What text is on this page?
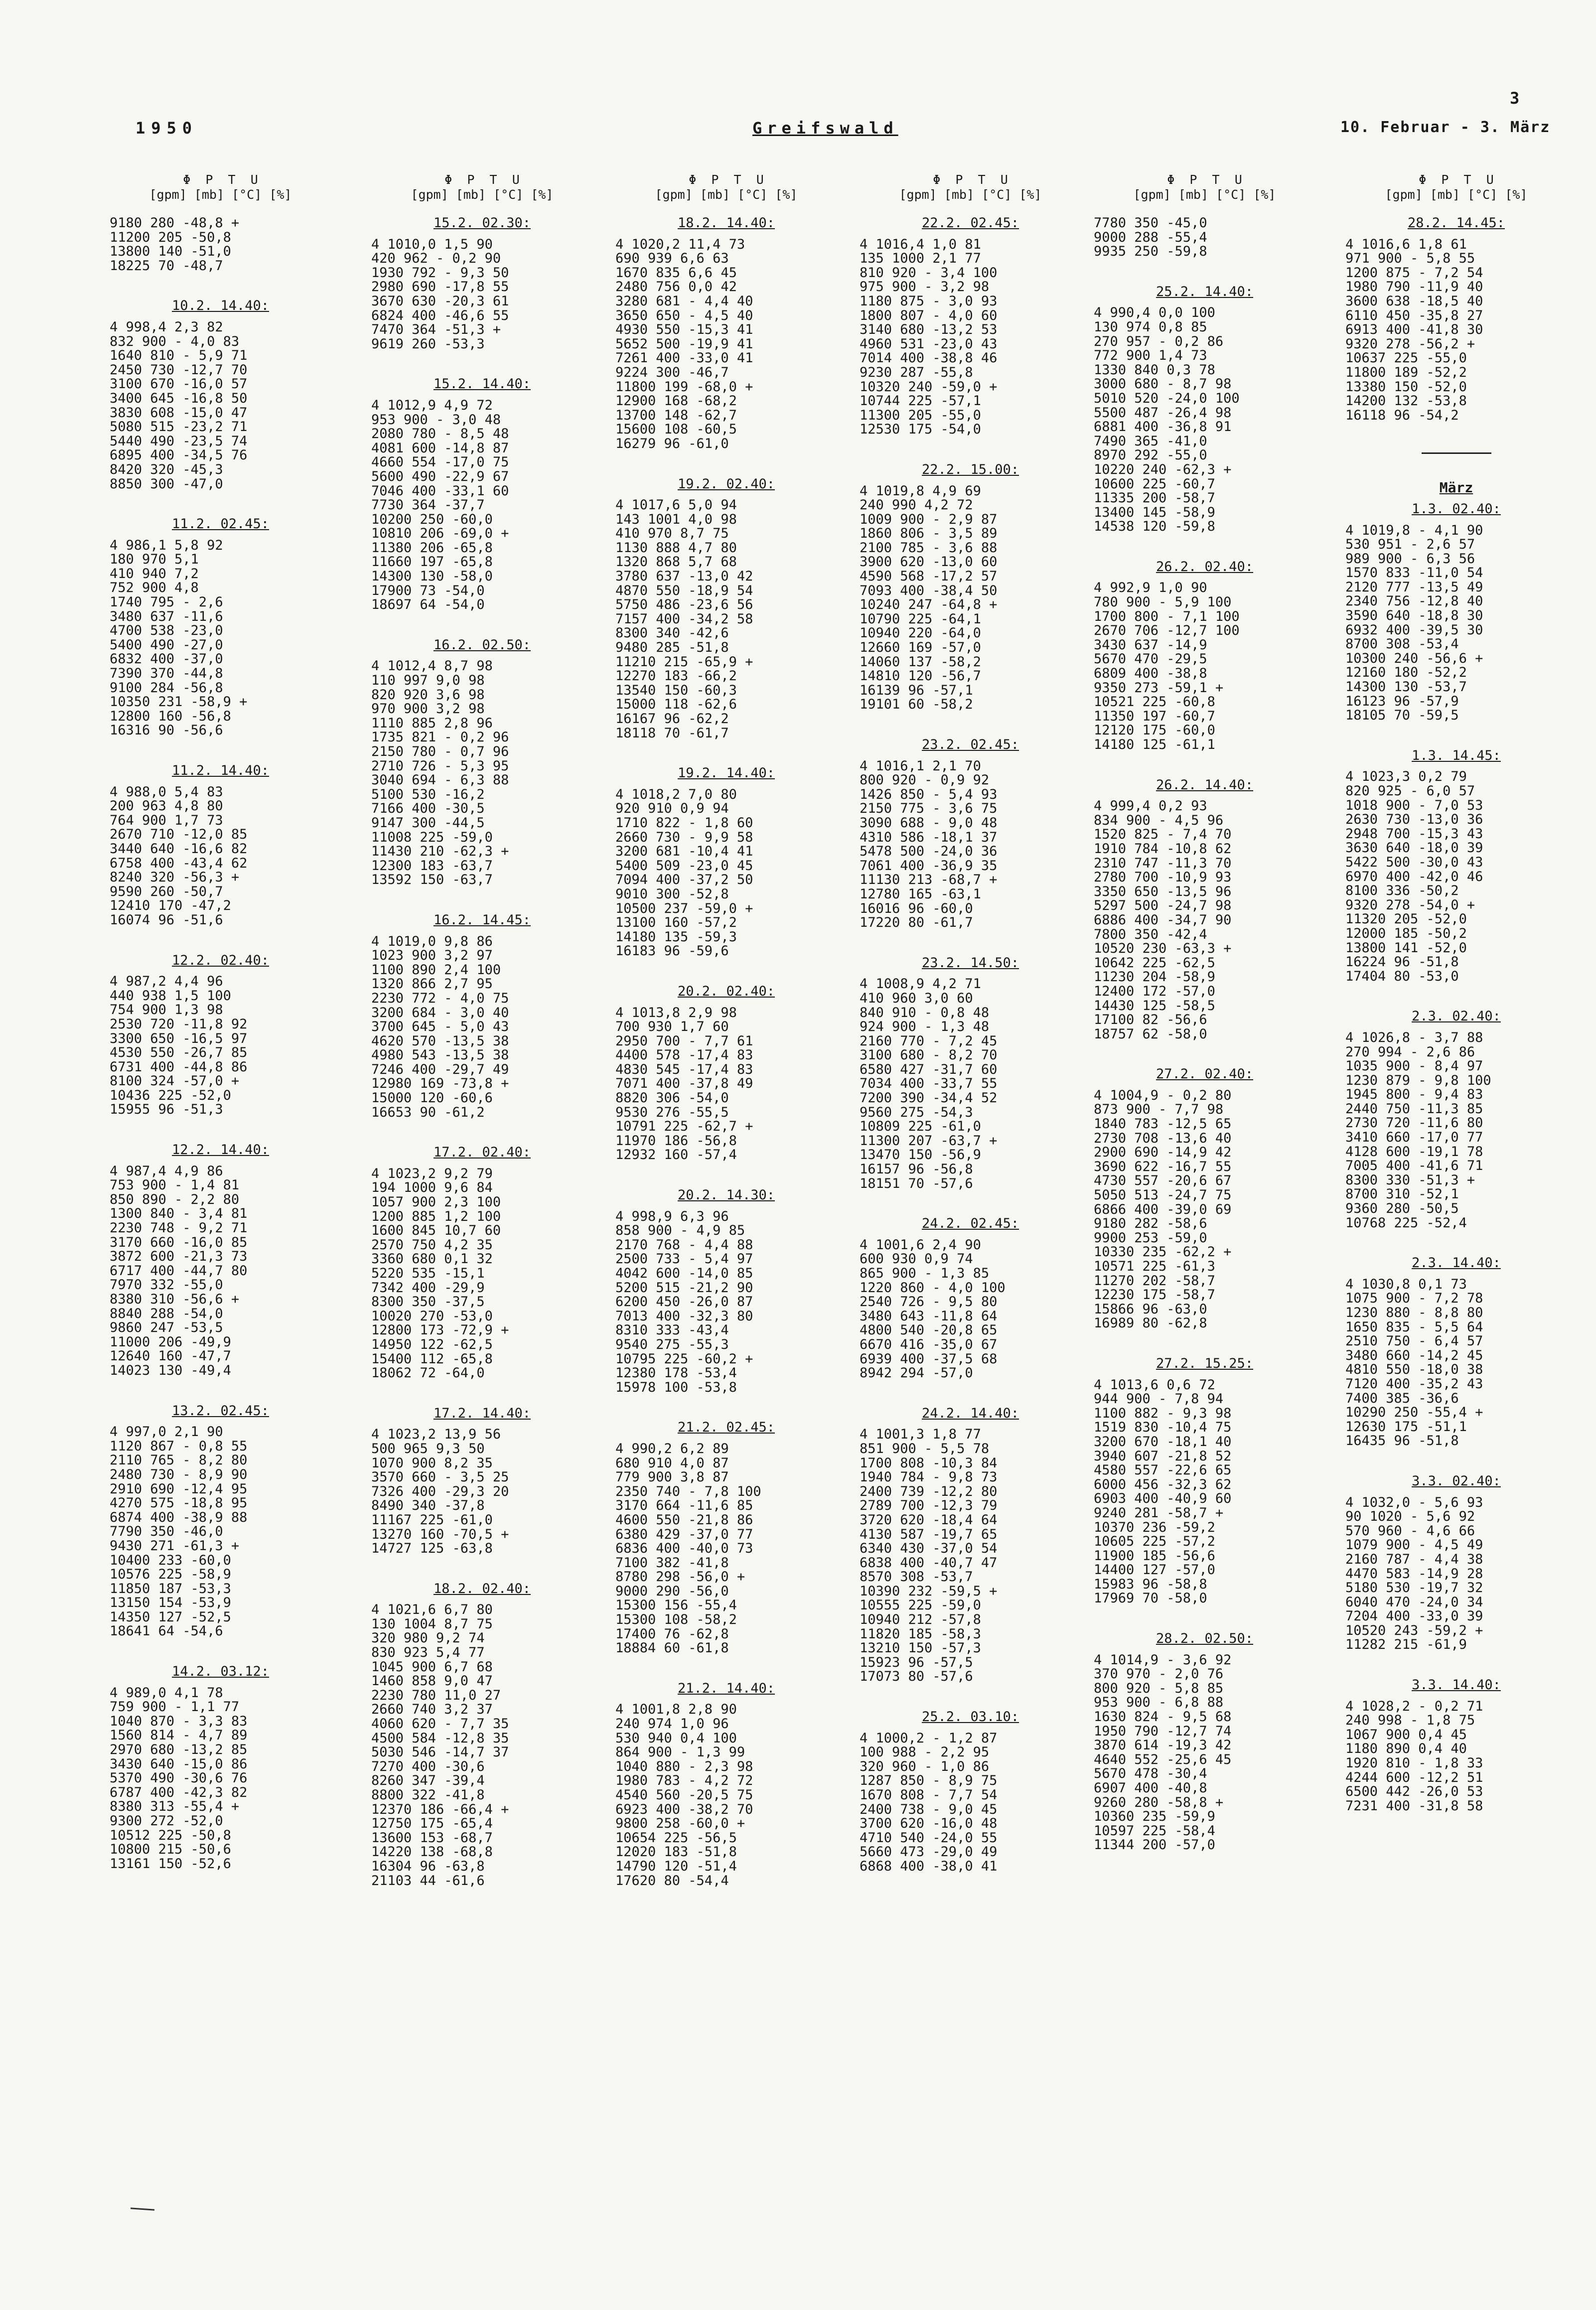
3
1950	Greifswald	10. Februar - 3. März
Φ  P  T  U
[gpm] [mb] [°C] [%]
9180 280 -48,8 +
11200 205 -50,8
13800 140 -51,0
18225 70 -48,7
10.2. 14.40:
4 998,4 2,3 82
832 900 - 4,0 83
1640 810 - 5,9 71
2450 730 -12,7 70
3100 670 -16,0 57
3400 645 -16,8 50
3830 608 -15,0 47
5080 515 -23,2 71
5440 490 -23,5 74
6895 400 -34,5 76
8420 320 -45,3
8850 300 -47,0
11.2. 02.45:
4 986,1 5,8 92
180 970 5,1
410 940 7,2
752 900 4,8
1740 795 - 2,6
3480 637 -11,6
4700 538 -23,0
5400 490 -27,0
6832 400 -37,0
7390 370 -44,8
9100 284 -56,8
10350 231 -58,9 +
12800 160 -56,8
16316 90 -56,6
11.2. 14.40:
4 988,0 5,4 83
200 963 4,8 80
764 900 1,7 73
2670 710 -12,0 85
3440 640 -16,6 82
6758 400 -43,4 62
8240 320 -56,3 +
9590 260 -50,7
12410 170 -47,2
16074 96 -51,6
12.2. 02.40:
4 987,2 4,4 96
440 938 1,5 100
754 900 1,3 98
2530 720 -11,8 92
3300 650 -16,5 97
4530 550 -26,7 85
6731 400 -44,8 86
8100 324 -57,0 +
10436 225 -52,0
15955 96 -51,3
12.2. 14.40:
4 987,4 4,9 86
753 900 - 1,4 81
850 890 - 2,2 80
1300 840 - 3,4 81
2230 748 - 9,2 71
3170 660 -16,0 85
3872 600 -21,3 73
6717 400 -44,7 80
7970 332 -55,0
8380 310 -56,6 +
8840 288 -54,0
9860 247 -53,5
11000 206 -49,9
12640 160 -47,7
14023 130 -49,4
13.2. 02.45:
4 997,0 2,1 90
1120 867 - 0,8 55
2110 765 - 8,2 80
2480 730 - 8,9 90
2910 690 -12,4 95
4270 575 -18,8 95
6874 400 -38,9 88
7790 350 -46,0
9430 271 -61,3 +
10400 233 -60,0
10576 225 -58,9
11850 187 -53,3
13150 154 -53,9
14350 127 -52,5
18641 64 -54,6
14.2. 03.12:
4 989,0 4,1 78
759 900 - 1,1 77
1040 870 - 3,3 83
1560 814 - 4,7 89
2970 680 -13,2 85
3430 640 -15,0 86
5370 490 -30,6 76
6787 400 -42,3 82
8380 313 -55,4 +
9300 272 -52,0
10512 225 -50,8
10800 215 -50,6
13161 150 -52,6
Φ  P  T  U
[gpm] [mb] [°C] [%]
15.2. 02.30:
4 1010,0 1,5 90
420 962 - 0,2 90
1930 792 - 9,3 50
2980 690 -17,8 55
3670 630 -20,3 61
6824 400 -46,6 55
7470 364 -51,3 +
9619 260 -53,3
15.2. 14.40:
4 1012,9 4,9 72
953 900 - 3,0 48
2080 780 - 8,5 48
4081 600 -14,8 87
4660 554 -17,0 75
5600 490 -22,9 67
7046 400 -33,1 60
7730 364 -37,7
10200 250 -60,0
10810 206 -69,0 +
11380 206 -65,8
11660 197 -65,8
14300 130 -58,0
17900 73 -54,0
18697 64 -54,0
16.2. 02.50:
4 1012,4 8,7 98
110 997 9,0 98
820 920 3,6 98
970 900 3,2 98
1110 885 2,8 96
1735 821 - 0,2 96
2150 780 - 0,7 96
2710 726 - 5,3 95
3040 694 - 6,3 88
5100 530 -16,2
7166 400 -30,5
9147 300 -44,5
11008 225 -59,0
11430 210 -62,3 +
12300 183 -63,7
13592 150 -63,7
16.2. 14.45:
4 1019,0 9,8 86
1023 900 3,2 97
1100 890 2,4 100
1320 866 2,7 95
2230 772 - 4,0 75
3200 684 - 3,0 40
3700 645 - 5,0 43
4620 570 -13,5 38
4980 543 -13,5 38
7246 400 -29,7 49
12980 169 -73,8 +
15000 120 -60,6
16653 90 -61,2
17.2. 02.40:
4 1023,2 9,2 79
194 1000 9,6 84
1057 900 2,3 100
1200 885 1,2 100
1600 845 10,7 60
2570 750 4,2 35
3360 680 0,1 32
5220 535 -15,1
7342 400 -29,9
8300 350 -37,5
10020 270 -53,0
12800 173 -72,9 +
14950 122 -62,5
15400 112 -65,8
18062 72 -64,0
17.2. 14.40:
4 1023,2 13,9 56
500 965 9,3 50
1070 900 8,2 35
3570 660 - 3,5 25
7326 400 -29,3 20
8490 340 -37,8
11167 225 -61,0
13270 160 -70,5 +
14727 125 -63,8
18.2. 02.40:
4 1021,6 6,7 80
130 1004 8,7 75
320 980 9,2 74
830 923 5,4 77
1045 900 6,7 68
1460 858 9,0 47
2230 780 11,0 27
2660 740 3,2 37
4060 620 - 7,7 35
4500 584 -12,8 35
5030 546 -14,7 37
7270 400 -30,6
8260 347 -39,4
8800 322 -41,8
12370 186 -66,4 +
12750 175 -65,4
13600 153 -68,7
14220 138 -68,8
16304 96 -63,8
21103 44 -61,6
Φ  P  T  U
[gpm] [mb] [°C] [%]
18.2. 14.40:
4 1020,2 11,4 73
690 939 6,6 63
1670 835 6,6 45
2480 756 0,0 42
3280 681 - 4,4 40
3650 650 - 4,5 40
4930 550 -15,3 41
5652 500 -19,9 41
7261 400 -33,0 41
9224 300 -46,7
11800 199 -68,0 +
12900 168 -68,2
13700 148 -62,7
15600 108 -60,5
16279 96 -61,0
19.2. 02.40:
4 1017,6 5,0 94
143 1001 4,0 98
410 970 8,7 75
1130 888 4,7 80
1320 868 5,7 68
3780 637 -13,0 42
4870 550 -18,9 54
5750 486 -23,6 56
7157 400 -34,2 58
8300 340 -42,6
9480 285 -51,8
11210 215 -65,9 +
12270 183 -66,2
13540 150 -60,3
15000 118 -62,6
16167 96 -62,2
18118 70 -61,7
19.2. 14.40:
4 1018,2 7,0 80
920 910 0,9 94
1710 822 - 1,8 60
2660 730 - 9,9 58
3200 681 -10,4 41
5400 509 -23,0 45
7094 400 -37,2 50
9010 300 -52,8
10500 237 -59,0 +
13100 160 -57,2
14180 135 -59,3
16183 96 -59,6
20.2. 02.40:
4 1013,8 2,9 98
700 930 1,7 60
2950 700 - 7,7 61
4400 578 -17,4 83
4830 545 -17,4 83
7071 400 -37,8 49
8820 306 -54,0
9530 276 -55,5
10791 225 -62,7 +
11970 186 -56,8
12932 160 -57,4
20.2. 14.30:
4 998,9 6,3 96
858 900 - 4,9 85
2170 768 - 4,4 88
2500 733 - 5,4 97
4042 600 -14,0 85
5200 515 -21,2 90
6200 450 -26,0 87
7013 400 -32,3 80
8310 333 -43,4
9540 275 -55,3
10795 225 -60,2 +
12380 178 -53,4
15978 100 -53,8
21.2. 02.45:
4 990,2 6,2 89
680 910 4,0 87
779 900 3,8 87
2350 740 - 7,8 100
3170 664 -11,6 85
4600 550 -21,8 86
6380 429 -37,0 77
6836 400 -40,0 73
7100 382 -41,8
8780 298 -56,0 +
9000 290 -56,0
15300 156 -55,4
15300 108 -58,2
17400 76 -62,8
18884 60 -61,8
21.2. 14.40:
4 1001,8 2,8 90
240 974 1,0 96
530 940 0,4 100
864 900 - 1,3 99
1040 880 - 2,3 98
1980 783 - 4,2 72
4540 560 -20,5 75
6923 400 -38,2 70
9800 258 -60,0 +
10654 225 -56,5
12020 183 -51,8
14790 120 -51,4
17620 80 -54,4
Φ  P  T  U
[gpm] [mb] [°C] [%]
22.2. 02.45:
4 1016,4 1,0 81
135 1000 2,1 77
810 920 - 3,4 100
975 900 - 3,2 98
1180 875 - 3,0 93
1800 807 - 4,0 60
3140 680 -13,2 53
4960 531 -23,0 43
7014 400 -38,8 46
9230 287 -55,8
10320 240 -59,0 +
10744 225 -57,1
11300 205 -55,0
12530 175 -54,0
22.2. 15.00:
4 1019,8 4,9 69
240 990 4,2 72
1009 900 - 2,9 87
1860 806 - 3,5 89
2100 785 - 3,6 88
3900 620 -13,0 60
4590 568 -17,2 57
7093 400 -38,4 50
10240 247 -64,8 +
10790 225 -64,1
10940 220 -64,0
12660 169 -57,0
14060 137 -58,2
14810 120 -56,7
16139 96 -57,1
19101 60 -58,2
23.2. 02.45:
4 1016,1 2,1 70
800 920 - 0,9 92
1426 850 - 5,4 93
2150 775 - 3,6 75
3090 688 - 9,0 48
4310 586 -18,1 37
5478 500 -24,0 36
7061 400 -36,9 35
11130 213 -68,7 +
12780 165 -63,1
16016 96 -60,0
17220 80 -61,7
23.2. 14.50:
4 1008,9 4,2 71
410 960 3,0 60
840 910 - 0,8 48
924 900 - 1,3 48
2160 770 - 7,2 45
3100 680 - 8,2 70
6580 427 -31,7 60
7034 400 -33,7 55
7200 390 -34,4 52
9560 275 -54,3
10809 225 -61,0
11300 207 -63,7 +
13470 150 -56,9
16157 96 -56,8
18151 70 -57,6
24.2. 02.45:
4 1001,6 2,4 90
600 930 0,9 74
865 900 - 1,3 85
1220 860 - 4,0 100
2540 726 - 9,5 80
3480 643 -11,8 64
4800 540 -20,8 65
6670 416 -35,0 67
6939 400 -37,5 68
8942 294 -57,0
24.2. 14.40:
4 1001,3 1,8 77
851 900 - 5,5 78
1700 808 -10,3 84
1940 784 - 9,8 73
2400 739 -12,2 80
2789 700 -12,3 79
3720 620 -18,4 64
4130 587 -19,7 65
6340 430 -37,0 54
6838 400 -40,7 47
8570 308 -53,7
10390 232 -59,5 +
10555 225 -59,0
10940 212 -57,8
11820 185 -58,3
13210 150 -57,3
15923 96 -57,5
17073 80 -57,6
25.2. 03.10:
4 1000,2 - 1,2 87
100 988 - 2,2 95
320 960 - 1,0 86
1287 850 - 8,9 75
1670 808 - 7,7 54
2400 738 - 9,0 45
3700 620 -16,0 48
4710 540 -24,0 55
5660 473 -29,0 49
6868 400 -38,0 41
Φ  P  T  U
[gpm] [mb] [°C] [%]
7780 350 -45,0
9000 288 -55,4
9935 250 -59,8
25.2. 14.40:
4 990,4 0,0 100
130 974 0,8 85
270 957 - 0,2 86
772 900 1,4 73
1330 840 0,3 78
3000 680 - 8,7 98
5010 520 -24,0 100
5500 487 -26,4 98
6881 400 -36,8 91
7490 365 -41,0
8970 292 -55,0
10220 240 -62,3 +
10600 225 -60,7
11335 200 -58,7
13400 145 -58,9
14538 120 -59,8
26.2. 02.40:
4 992,9 1,0 90
780 900 - 5,9 100
1700 800 - 7,1 100
2670 706 -12,7 100
3430 637 -14,9
5670 470 -29,5
6809 400 -38,8
9350 273 -59,1 +
10521 225 -60,8
11350 197 -60,7
12120 175 -60,0
14180 125 -61,1
26.2. 14.40:
4 999,4 0,2 93
834 900 - 4,5 96
1520 825 - 7,4 70
1910 784 -10,8 62
2310 747 -11,3 70
2780 700 -10,9 93
3350 650 -13,5 96
5297 500 -24,7 98
6886 400 -34,7 90
7800 350 -42,4
10520 230 -63,3 +
10642 225 -62,5
11230 204 -58,9
12400 172 -57,0
14430 125 -58,5
17100 82 -56,6
18757 62 -58,0
27.2. 02.40:
4 1004,9 - 0,2 80
873 900 - 7,7 98
1840 783 -12,5 65
2730 708 -13,6 40
2900 690 -14,9 42
3690 622 -16,7 55
4730 557 -20,6 67
5050 513 -24,7 75
6866 400 -39,0 69
9180 282 -58,6
9900 253 -59,0
10330 235 -62,2 +
10571 225 -61,3
11270 202 -58,7
12230 175 -58,7
15866 96 -63,0
16989 80 -62,8
27.2. 15.25:
4 1013,6 0,6 72
944 900 - 7,8 94
1100 882 - 9,3 98
1519 830 -10,4 75
3200 670 -18,1 40
3940 607 -21,8 52
4580 557 -22,6 65
6000 456 -32,3 62
6903 400 -40,9 60
9240 281 -58,7 +
10370 236 -59,2
10605 225 -57,2
11900 185 -56,6
14400 127 -57,0
15983 96 -58,8
17969 70 -58,0
28.2. 02.50:
4 1014,9 - 3,6 92
370 970 - 2,0 76
800 920 - 5,8 85
953 900 - 6,8 88
1630 824 - 9,5 68
1950 790 -12,7 74
3870 614 -19,3 42
4640 552 -25,6 45
5670 478 -30,4
6907 400 -40,8
9260 280 -58,8 +
10360 235 -59,9
10597 225 -58,4
11344 200 -57,0
Φ  P  T  U
[gpm] [mb] [°C] [%]
28.2. 14.45:
4 1016,6 1,8 61
971 900 - 5,8 55
1200 875 - 7,2 54
1980 790 -11,9 40
3600 638 -18,5 40
6110 450 -35,8 27
6913 400 -41,8 30
9320 278 -56,2 +
10637 225 -55,0
11800 189 -52,2
13380 150 -52,0
14200 132 -53,8
16118 96 -54,2
März
1.3. 02.40:
4 1019,8 - 4,1 90
530 951 - 2,6 57
989 900 - 6,3 56
1570 833 -11,0 54
2120 777 -13,5 49
2340 756 -12,8 40
3590 640 -18,8 30
6932 400 -39,5 30
8700 308 -53,4
10300 240 -56,6 +
12160 180 -52,2
14300 130 -53,7
16123 96 -57,9
18105 70 -59,5
1.3. 14.45:
4 1023,3 0,2 79
820 925 - 6,0 57
1018 900 - 7,0 53
2630 730 -13,0 36
2948 700 -15,3 43
3630 640 -18,0 39
5422 500 -30,0 43
6970 400 -42,0 46
8100 336 -50,2
9320 278 -54,0 +
11320 205 -52,0
12000 185 -50,2
13800 141 -52,0
16224 96 -51,8
17404 80 -53,0
2.3. 02.40:
4 1026,8 - 3,7 88
270 994 - 2,6 86
1035 900 - 8,4 97
1230 879 - 9,8 100
1945 800 - 9,4 83
2440 750 -11,3 85
2730 720 -11,6 80
3410 660 -17,0 77
4128 600 -19,1 78
7005 400 -41,6 71
8300 330 -51,3 +
8700 310 -52,1
9360 280 -50,5
10768 225 -52,4
2.3. 14.40:
4 1030,8 0,1 73
1075 900 - 7,2 78
1230 880 - 8,8 80
1650 835 - 5,5 64
2510 750 - 6,4 57
3480 660 -14,2 45
4810 550 -18,0 38
7120 400 -35,2 43
7400 385 -36,6
10290 250 -55,4 +
12630 175 -51,1
16435 96 -51,8
3.3. 02.40:
4 1032,0 - 5,6 93
90 1020 - 5,6 92
570 960 - 4,6 66
1079 900 - 4,5 49
2160 787 - 4,4 38
4470 583 -14,9 28
5180 530 -19,7 32
6040 470 -24,0 34
7204 400 -33,0 39
10520 243 -59,2 +
11282 215 -61,9
3.3. 14.40:
4 1028,2 - 0,2 71
240 998 - 1,8 75
1067 900 0,4 45
1180 890 0,4 40
1920 810 - 1,8 33
4244 600 -12,2 51
6500 442 -26,0 53
7231 400 -31,8 58
